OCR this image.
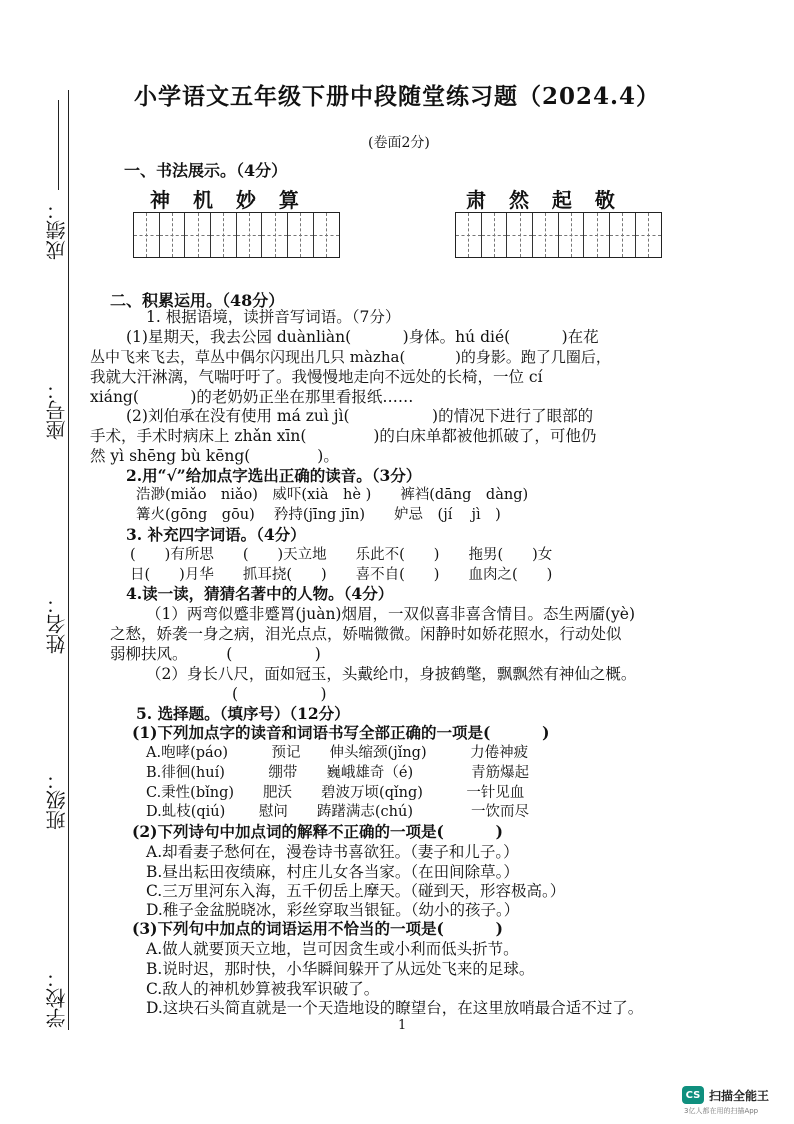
成绩：
座号：
姓名：
班级：
学校：
小学语文五年级下册中段随堂练习题（2024.4）
(卷面2分)
一、书法展示。（4分）
神 机 妙 算	肃 然 起 敬
二、积累运用。（48分）
1. 根据语境，读拼音写词语。（7分）
(1)星期天，我去公园 duànliàn(　　　 )身体。hú dié(　　　 )在花
丛中飞来飞去，草丛中偶尔闪现出几只 màzha(　　　 )的身影。跑了几圈后，
我就大汗淋漓，气喘吁吁了。我慢慢地走向不远处的长椅，一位 cí
xiáng(　　　 )的老奶奶正坐在那里看报纸……
(2)刘伯承在没有使用 má zuì jì(　　　　　 )的情况下进行了眼部的
手术，手术时病床上 zhǎn xīn(　　　　 )的白床单都被他抓破了，可他仍
然 yì shēng bù kēng(　　　　 )。
2.用“√”给加点字选出正确的读音。（3分）
浩渺(miǎo　niǎo)　威吓(xià　hè )　　裤裆(dāng　dàng)
篝火(gōng　gōu)　 矜持(jīng jīn)　　妒忌　(jí　 jì　)
3. 补充四字词语。（4分）
(　　)有所思　　(　　)天立地　　乐此不(　　)　　拖男(　　)女
日(　　)月华　　抓耳挠(　　)　　喜不自(　　)　　血肉之(　　)
4.读一读，猜猜名著中的人物。（4分）
（1）两弯似蹙非蹙罥(juàn)烟眉，一双似喜非喜含情目。态生两靥(yè)
之愁，娇袭一身之病，泪光点点，娇喘微微。闲静时如娇花照水，行动处似
弱柳扶风。　　　(　　　　　 )
（2）身长八尺，面如冠玉，头戴纶巾，身披鹤氅，飘飘然有神仙之概。
　　　　(　　　　　 )
5. 选择题。（填序号）（12分）
(1)下列加点字的读音和词语书写全部正确的一项是(　　　 )
A.咆哮(páo)　　　预记　　伸头缩颈(jǐng)　　　力倦神疲
B.徘徊(huí)　　　绷带　　巍峨雄奇（é)　　　　青筋爆起
C.秉性(bǐng)　　肥沃　　碧波万顷(qǐng)　　　一针见血
D.虬枝(qiú)　　 慰问　　踌躇满志(chú)　　　　一饮而尽
(2)下列诗句中加点词的解释不正确的一项是(　　　 )
A.却看妻子愁何在，漫卷诗书喜欲狂。（妻子和儿子。）
B.昼出耘田夜绩麻，村庄儿女各当家。（在田间除草。）
C.三万里河东入海，五千仞岳上摩天。（碰到天，形容极高。）
D.稚子金盆脱晓冰，彩丝穿取当银钲。（幼小的孩子。）
(3)下列句中加点的词语运用不恰当的一项是(　　　 )
A.做人就要顶天立地，岂可因贪生或小利而低头折节。
B.说时迟，那时快，小华瞬间躲开了从远处飞来的足球。
C.敌人的神机妙算被我军识破了。
D.这块石头简直就是一个天造地设的瞭望台，在这里放哨最合适不过了。
1
CS 扫描全能王
3亿人都在用的扫描App
